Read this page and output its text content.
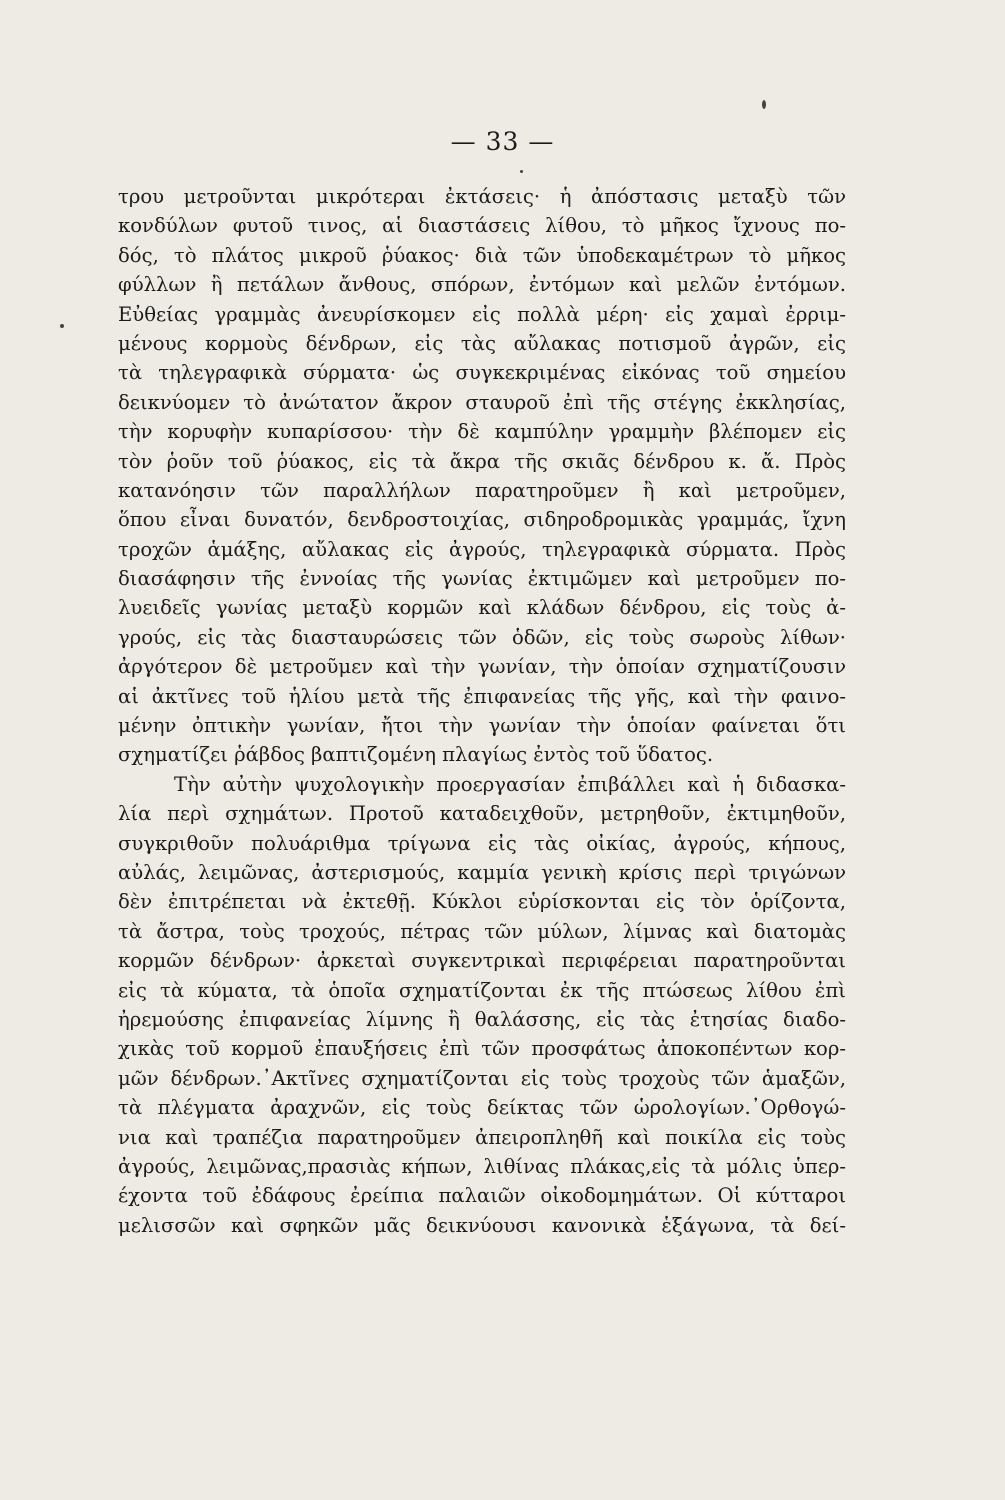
— 33 —
τρου μετροῦνται μικρότεραι ἐκτάσεις· ἡ ἀπόστασις μεταξὺ τῶν
κονδύλων φυτοῦ τινος, αἱ διαστάσεις λίθου, τὸ μῆκος ἴχνους πο-
δός, τὸ πλάτος μικροῦ ῥύακος· διὰ τῶν ὑποδεκαμέτρων τὸ μῆκος
φύλλων ἢ πετάλων ἄνθους, σπόρων, ἐντόμων καὶ μελῶν ἐντόμων.
Εὐθείας γραμμὰς ἀνευρίσκομεν εἰς πολλὰ μέρη· εἰς χαμαὶ ἐρριμ-
μένους κορμοὺς δένδρων, εἰς τὰς αὔλακας ποτισμοῦ ἀγρῶν, εἰς
τὰ τηλεγραφικὰ σύρματα· ὡς συγκεκριμένας εἰκόνας τοῦ σημείου
δεικνύομεν τὸ ἀνώτατον ἄκρον σταυροῦ ἐπὶ τῆς στέγης ἐκκλησίας,
τὴν κορυφὴν κυπαρίσσου· τὴν δὲ καμπύλην γραμμὴν βλέπομεν εἰς
τὸν ῥοῦν τοῦ ῥύακος, εἰς τὰ ἄκρα τῆς σκιᾶς δένδρου κ. ἄ. Πρὸς
κατανόησιν τῶν παραλλήλων παρατηροῦμεν ἢ καὶ μετροῦμεν,
ὅπου εἶναι δυνατόν, δενδροστοιχίας, σιδηροδρομικὰς γραμμάς, ἴχνη
τροχῶν ἁμάξης, αὔλακας εἰς ἀγρούς, τηλεγραφικὰ σύρματα. Πρὸς
διασάφησιν τῆς ἐννοίας τῆς γωνίας ἐκτιμῶμεν καὶ μετροῦμεν πο-
λυειδεῖς γωνίας μεταξὺ κορμῶν καὶ κλάδων δένδρου, εἰς τοὺς ἀ-
γρούς, εἰς τὰς διασταυρώσεις τῶν ὁδῶν, εἰς τοὺς σωροὺς λίθων·
ἀργότερον δὲ μετροῦμεν καὶ τὴν γωνίαν, τὴν ὁποίαν σχηματίζουσιν
αἱ ἀκτῖνες τοῦ ἡλίου μετὰ τῆς ἐπιφανείας τῆς γῆς, καὶ τὴν φαινο-
μένην ὀπτικὴν γωνίαν, ἤτοι τὴν γωνίαν τὴν ὁποίαν φαίνεται ὅτι
σχηματίζει ῥάβδος βαπτιζομένη πλαγίως ἐντὸς τοῦ ὕδατος.
Τὴν αὐτὴν ψυχολογικὴν προεργασίαν ἐπιβάλλει καὶ ἡ διδασκα-
λία περὶ σχημάτων. Προτοῦ καταδειχθοῦν, μετρηθοῦν, ἐκτιμηθοῦν,
συγκριθοῦν πολυάριθμα τρίγωνα εἰς τὰς οἰκίας, ἀγρούς, κήπους,
αὐλάς, λειμῶνας, ἀστερισμούς, καμμία γενικὴ κρίσις περὶ τριγώνων
δὲν ἐπιτρέπεται νὰ ἐκτεθῇ. Κύκλοι εὑρίσκονται εἰς τὸν ὁρίζοντα,
τὰ ἄστρα, τοὺς τροχούς, πέτρας τῶν μύλων, λίμνας καὶ διατομὰς
κορμῶν δένδρων· ἀρκεταὶ συγκεντρικαὶ περιφέρειαι παρατηροῦνται
εἰς τὰ κύματα, τὰ ὁποῖα σχηματίζονται ἐκ τῆς πτώσεως λίθου ἐπὶ
ἠρεμούσης ἐπιφανείας λίμνης ἢ θαλάσσης, εἰς τὰς ἐτησίας διαδο-
χικὰς τοῦ κορμοῦ ἐπαυξήσεις ἐπὶ τῶν προσφάτως ἀποκοπέντων κορ-
μῶν δένδρων.᾿Ακτῖνες σχηματίζονται εἰς τοὺς τροχοὺς τῶν ἁμαξῶν,
τὰ πλέγματα ἀραχνῶν, εἰς τοὺς δείκτας τῶν ὡρολογίων.᾿Ορθογώ-
νια καὶ τραπέζια παρατηροῦμεν ἀπειροπληθῆ καὶ ποικίλα εἰς τοὺς
ἀγρούς, λειμῶνας,πρασιὰς κήπων, λιθίνας πλάκας,εἰς τὰ μόλις ὑπερ-
έχοντα τοῦ ἐδάφους ἐρείπια παλαιῶν οἰκοδομημάτων. Οἱ κύτταροι
μελισσῶν καὶ σφηκῶν μᾶς δεικνύουσι κανονικὰ ἑξάγωνα, τὰ δεί-
